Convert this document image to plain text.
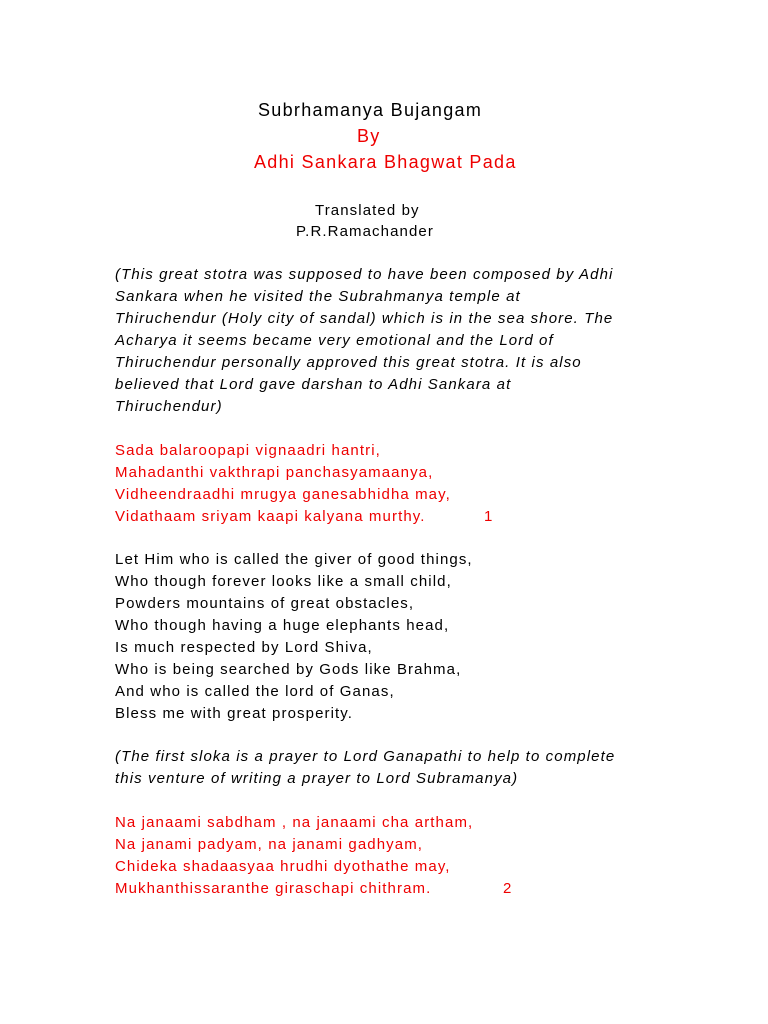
Subrhamanya Bujangam
By
Adhi Sankara Bhagwat Pada
Translated by
P.R.Ramachander
(This great stotra was supposed to have been composed by Adhi
Sankara when he visited the Subrahmanya temple at
Thiruchendur (Holy city of sandal) which is in the sea shore. The
Acharya it seems became very emotional and the Lord of
Thiruchendur personally approved this great stotra. It is also
believed that Lord gave darshan to Adhi Sankara at
Thiruchendur)
Sada balaroopapi vignaadri hantri,
Mahadanthi vakthrapi panchasyamaanya,
Vidheendraadhi mrugya ganesabhidha may,
Vidathaam sriyam kaapi kalyana murthy.	1
Let Him who is called the giver of good things,
Who though forever looks like a small child,
Powders mountains of great obstacles,
Who though having a huge elephants head,
Is much respected by Lord Shiva,
Who is being searched by Gods like Brahma,
And who is called the lord of Ganas,
Bless me with great prosperity.
(The first sloka is a prayer to Lord Ganapathi to help to complete
this venture of writing a prayer to Lord Subramanya)
Na janaami sabdham , na janaami cha artham,
Na janami padyam, na janami gadhyam,
Chideka shadaasyaa hrudhi dyothathe may,
Mukhanthissaranthe giraschapi chithram.	2
